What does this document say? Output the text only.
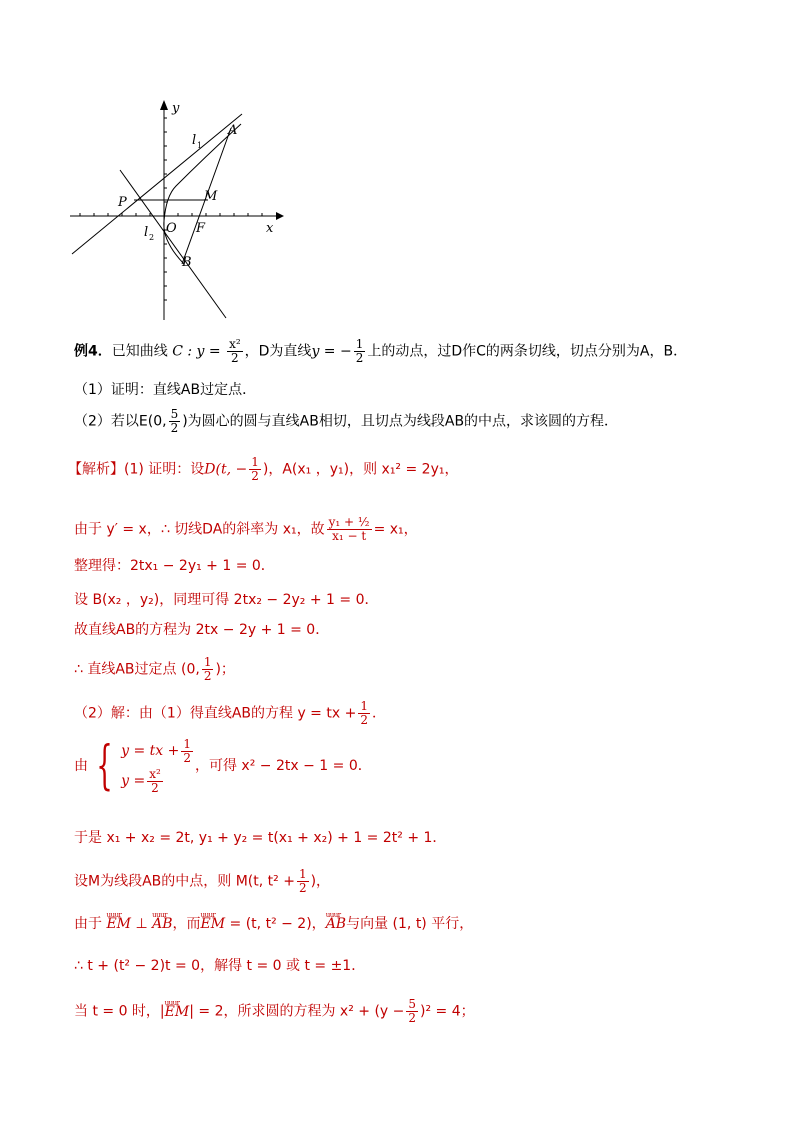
y
x
A
l 1
P	M
O F
l 2
B
例4．已知曲线 C : $y = \frac{\text{x²}}{2}$ ，D为直线y = − $\frac{1}{2}$ 上的动点，过D作C的两条切线，切点分别为A，B．
（1）证明：直线AB过定点．
（2）若以E(0, $\frac{5}{2}$ )为圆心的圆与直线AB相切，且切点为线段AB的中点，求该圆的方程．
【解析】(1) 证明：设D(t, − $\frac{1}{2}$ )，A(x₁ ，y₁)，则 x₁² = 2y₁，
由于 y′ = x，∴ 切线DA的斜率为 x₁，故 $\frac{\text{y₁ + ½}}{\text{x₁ − t}} = x_1$，
整理得：2tx₁ − 2y₁ + 1 = 0．
设 B(x₂ ，y₂)，同理可得 2tx₂ − 2y₂ + 1 = 0．
故直线AB的方程为 2tx − 2y + 1 = 0．
∴ 直线AB过定点 (0, $\frac{1}{2}$ )；
（2）解：由（1）得直线AB的方程 y = tx + $\frac{1}{2}$ ．
由 { y = tx + $\frac{1}{2}$
$y = \frac{\text{x²}}{2}$
，可得 x² − 2tx − 1 = 0．
于是 x₁ + x₂ = 2t, y₁ + y₂ = t(x₁ + x₂) + 1 = 2t² + 1．
设M为线段AB的中点，则 M(t, $t^2 + \frac{1}{2}$ )，
由于 uuur EM ⊥ uuur AB，而uuur EM = (t, t² − 2)，uuur AB与向量 (1, t) 平行，
∴ t + (t² − 2)t = 0，解得 t = 0 或 t = ±1．
当 t = 0 时，|uuur EM| = 2，所求圆的方程为 $x^2 + (y - \frac{5}{2} )^2 = 4$；
